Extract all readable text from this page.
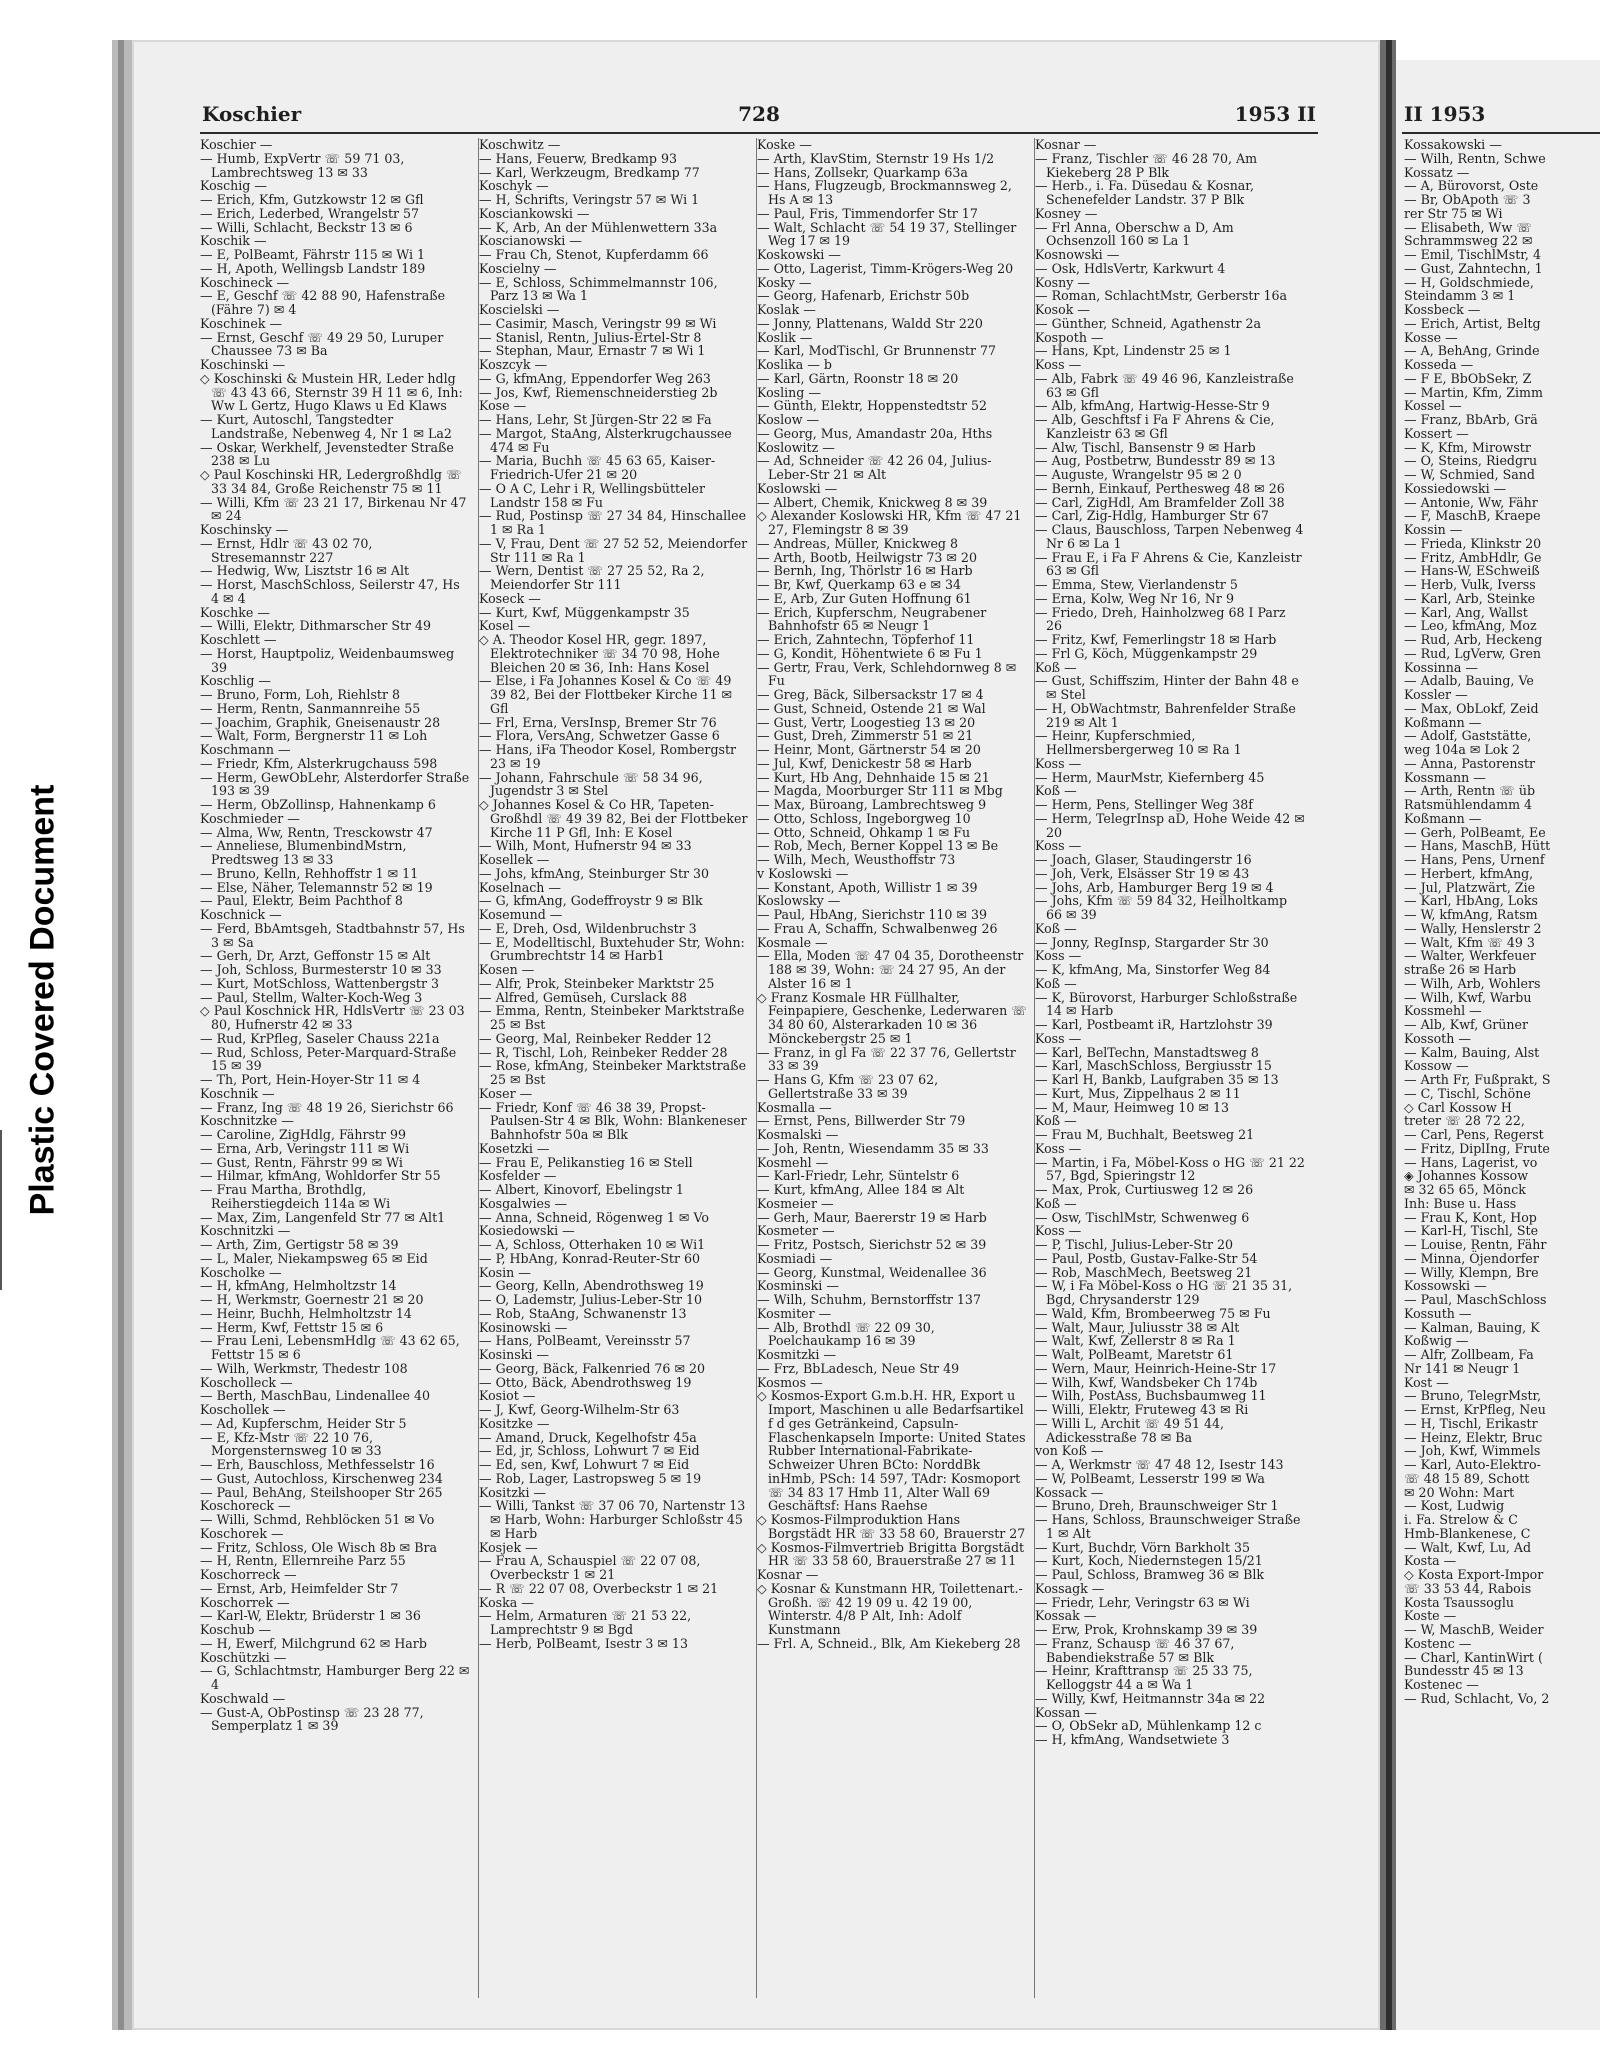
Plastic Covered Document
Koschier	728	1953 II
Koschier —
— Humb, ExpVertr ☏ 59 71 03, Lambrechtsweg 13 ✉ 33
Koschig —
— Erich, Kfm, Gutzkowstr 12 ✉ Gfl
— Erich, Lederbed, Wrangelstr 57
— Willi, Schlacht, Beckstr 13 ✉ 6
Koschik —
— E, PolBeamt, Fährstr 115 ✉ Wi 1
— H, Apoth, Wellingsb Landstr 189
Koschineck —
— E, Geschf ☏ 42 88 90, Hafenstraße (Fähre 7) ✉ 4
Koschinek —
— Ernst, Geschf ☏ 49 29 50, Luruper Chaussee 73 ✉ Ba
Koschinski —
◇ Koschinski & Mustein HR, Leder hdlg ☏ 43 43 66, Sternstr 39 H 11 ✉ 6, Inh: Ww L Gertz, Hugo Klaws u Ed Klaws
— Kurt, Autoschl, Tangstedter Landstraße, Nebenweg 4, Nr 1 ✉ La2
— Oskar, Werkhelf, Jevenstedter Straße 238 ✉ Lu
◇ Paul Koschinski HR, Ledergroßhdlg ☏ 33 34 84, Große Reichenstr 75 ✉ 11
— Willi, Kfm ☏ 23 21 17, Birkenau Nr 47 ✉ 24
Koschinsky —
— Ernst, Hdlr ☏ 43 02 70, Stresemannstr 227
— Hedwig, Ww, Lisztstr 16 ✉ Alt
— Horst, MaschSchloss, Seilerstr 47, Hs 4 ✉ 4
Koschke —
— Willi, Elektr, Dithmarscher Str 49
Koschlett —
— Horst, Hauptpoliz, Weidenbaumsweg 39
Koschlig —
— Bruno, Form, Loh, Riehlstr 8
— Herm, Rentn, Sanmannreihe 55
— Joachim, Graphik, Gneisenaustr 28
— Walt, Form, Bergnerstr 11 ✉ Loh
Koschmann —
— Friedr, Kfm, Alsterkrugchauss 598
— Herm, GewObLehr, Alsterdorfer Straße 193 ✉ 39
— Herm, ObZollinsp, Hahnenkamp 6
Koschmieder —
— Alma, Ww, Rentn, Tresckowstr 47
— Anneliese, BlumenbindMstrn, Predtsweg 13 ✉ 33
— Bruno, Kelln, Rehhoffstr 1 ✉ 11
— Else, Näher, Telemannstr 52 ✉ 19
— Paul, Elektr, Beim Pachthof 8
Koschnick —
— Ferd, BbAmtsgeh, Stadtbahnstr 57, Hs 3 ✉ Sa
— Gerh, Dr, Arzt, Geffonstr 15 ✉ Alt
— Joh, Schloss, Burmesterstr 10 ✉ 33
— Kurt, MotSchloss, Wattenbergstr 3
— Paul, Stellm, Walter-Koch-Weg 3
◇ Paul Koschnick HR, HdlsVertr ☏ 23 03 80, Hufnerstr 42 ✉ 33
— Rud, KrPfleg, Saseler Chauss 221a
— Rud, Schloss, Peter-Marquard-Straße 15 ✉ 39
— Th, Port, Hein-Hoyer-Str 11 ✉ 4
Koschnik —
— Franz, Ing ☏ 48 19 26, Sierichstr 66
Koschnitzke —
— Caroline, ZigHdlg, Fährstr 99
— Erna, Arb, Veringstr 111 ✉ Wi
— Gust, Rentn, Fährstr 99 ✉ Wi
— Hilmar, kfmAng, Wohldorfer Str 55
— Frau Martha, Brothdlg, Reiherstiegdeich 114a ✉ Wi
— Max, Zim, Langenfeld Str 77 ✉ Alt1
Koschnitzki —
— Arth, Zim, Gertigstr 58 ✉ 39
— L, Maler, Niekampsweg 65 ✉ Eid
Koscholke —
— H, kfmAng, Helmholtzstr 14
— H, Werkmstr, Goernestr 21 ✉ 20
— Heinr, Buchh, Helmholtzstr 14
— Herm, Kwf, Fettstr 15 ✉ 6
— Frau Leni, LebensmHdlg ☏ 43 62 65, Fettstr 15 ✉ 6
— Wilh, Werkmstr, Thedestr 108
Koscholleck —
— Berth, MaschBau, Lindenallee 40
Koschollek —
— Ad, Kupferschm, Heider Str 5
— E, Kfz-Mstr ☏ 22 10 76, Morgensternsweg 10 ✉ 33
— Erh, Bauschloss, Methfesselstr 16
— Gust, Autochloss, Kirschenweg 234
— Paul, BehAng, Steilshooper Str 265
Koschoreck —
— Willi, Schmd, Rehblöcken 51 ✉ Vo
Koschorek —
— Fritz, Schloss, Ole Wisch 8b ✉ Bra
— H, Rentn, Ellernreihe Parz 55
Koschorreck —
— Ernst, Arb, Heimfelder Str 7
Koschorrek —
— Karl-W, Elektr, Brüderstr 1 ✉ 36
Koschub —
— H, Ewerf, Milchgrund 62 ✉ Harb
Koschützki —
— G, Schlachtmstr, Hamburger Berg 22 ✉ 4
Koschwald —
— Gust-A, ObPostinsp ☏ 23 28 77, Semperplatz 1 ✉ 39
Koschwitz —
— Hans, Feuerw, Bredkamp 93
— Karl, Werkzeugm, Bredkamp 77
Koschyk —
— H, Schrifts, Veringstr 57 ✉ Wi 1
Kosciankowski —
— K, Arb, An der Mühlenwettern 33a
Koscianowski —
— Frau Ch, Stenot, Kupferdamm 66
Koscielny —
— E, Schloss, Schimmelmannstr 106, Parz 13 ✉ Wa 1
Koscielski —
— Casimir, Masch, Veringstr 99 ✉ Wi
— Stanisl, Rentn, Julius-Ertel-Str 8
— Stephan, Maur, Ernastr 7 ✉ Wi 1
Koszcyk —
— G, kfmAng, Eppendorfer Weg 263
— Jos, Kwf, Riemenschneiderstieg 2b
Kose —
— Hans, Lehr, St Jürgen-Str 22 ✉ Fa
— Margot, StaAng, Alsterkrugchaussee 474 ✉ Fu
— Maria, Buchh ☏ 45 63 65, Kaiser-Friedrich-Ufer 21 ✉ 20
— O A C, Lehr i R, Wellingsbütteler Landstr 158 ✉ Fu
— Rud, Postinsp ☏ 27 34 84, Hinschallee 1 ✉ Ra 1
— V, Frau, Dent ☏ 27 52 52, Meiendorfer Str 111 ✉ Ra 1
— Wern, Dentist ☏ 27 25 52, Ra 2, Meiendorfer Str 111
Koseck —
— Kurt, Kwf, Müggenkampstr 35
Kosel —
◇ A. Theodor Kosel HR, gegr. 1897, Elektrotechniker ☏ 34 70 98, Hohe Bleichen 20 ✉ 36, Inh: Hans Kosel
— Else, i Fa Johannes Kosel & Co ☏ 49 39 82, Bei der Flottbeker Kirche 11 ✉ Gfl
— Frl, Erna, VersInsp, Bremer Str 76
— Flora, VersAng, Schwetzer Gasse 6
— Hans, iFa Theodor Kosel, Rombergstr 23 ✉ 19
— Johann, Fahrschule ☏ 58 34 96, Jugendstr 3 ✉ Stel
◇ Johannes Kosel & Co HR, Tapeten-Großhdl ☏ 49 39 82, Bei der Flottbeker Kirche 11 P Gfl, Inh: E Kosel
— Wilh, Mont, Hufnerstr 94 ✉ 33
Kosellek —
— Johs, kfmAng, Steinburger Str 30
Koselnach —
— G, kfmAng, Godeffroystr 9 ✉ Blk
Kosemund —
— E, Dreh, Osd, Wildenbruchstr 3
— E, Modelltischl, Buxtehuder Str, Wohn: Grumbrechtstr 14 ✉ Harb1
Kosen —
— Alfr, Prok, Steinbeker Marktstr 25
— Alfred, Gemüseh, Curslack 88
— Emma, Rentn, Steinbeker Marktstraße 25 ✉ Bst
— Georg, Mal, Reinbeker Redder 12
— R, Tischl, Loh, Reinbeker Redder 28
— Rose, kfmAng, Steinbeker Marktstraße 25 ✉ Bst
Koser —
— Friedr, Konf ☏ 46 38 39, Propst-Paulsen-Str 4 ✉ Blk, Wohn: Blankeneser Bahnhofstr 50a ✉ Blk
Kosetzki —
— Frau E, Pelikanstieg 16 ✉ Stell
Kosfelder —
— Albert, Kinovorf, Ebelingstr 1
Kosgalwies —
— Anna, Schneid, Rögenweg 1 ✉ Vo
Kosiedowski —
— A, Schloss, Otterhaken 10 ✉ Wi1
— P, HbAng, Konrad-Reuter-Str 60
Kosin —
— Georg, Kelln, Abendrothsweg 19
— O, Lademstr, Julius-Leber-Str 10
— Rob, StaAng, Schwanenstr 13
Kosinowski —
— Hans, PolBeamt, Vereinsstr 57
Kosinski —
— Georg, Bäck, Falkenried 76 ✉ 20
— Otto, Bäck, Abendrothsweg 19
Kosiot —
— J, Kwf, Georg-Wilhelm-Str 63
Kositzke —
— Amand, Druck, Kegelhofstr 45a
— Ed, jr, Schloss, Lohwurt 7 ✉ Eid
— Ed, sen, Kwf, Lohwurt 7 ✉ Eid
— Rob, Lager, Lastropsweg 5 ✉ 19
Kositzki —
— Willi, Tankst ☏ 37 06 70, Nartenstr 13 ✉ Harb, Wohn: Harburger Schloßstr 45 ✉ Harb
Kosjek —
— Frau A, Schauspiel ☏ 22 07 08, Overbeckstr 1 ✉ 21
— R ☏ 22 07 08, Overbeckstr 1 ✉ 21
Koska —
— Helm, Armaturen ☏ 21 53 22, Lamprechtstr 9 ✉ Bgd
— Herb, PolBeamt, Isestr 3 ✉ 13
Koske —
— Arth, KlavStim, Sternstr 19 Hs 1/2
— Hans, Zollsekr, Quarkamp 63a
— Hans, Flugzeugb, Brockmannsweg 2, Hs A ✉ 13
— Paul, Fris, Timmendorfer Str 17
— Walt, Schlacht ☏ 54 19 37, Stellinger Weg 17 ✉ 19
Koskowski —
— Otto, Lagerist, Timm-Krögers-Weg 20
Kosky —
— Georg, Hafenarb, Erichstr 50b
Koslak —
— Jonny, Plattenans, Waldd Str 220
Koslik —
— Karl, ModTischl, Gr Brunnenstr 77
Koslika — b
— Karl, Gärtn, Roonstr 18 ✉ 20
Kosling —
— Günth, Elektr, Hoppenstedtstr 52
Koslow —
— Georg, Mus, Amandastr 20a, Hths
Koslowitz —
— Ad, Schneider ☏ 42 26 04, Julius-Leber-Str 21 ✉ Alt
Koslowski —
— Albert, Chemik, Knickweg 8 ✉ 39
◇ Alexander Koslowski HR, Kfm ☏ 47 21 27, Flemingstr 8 ✉ 39
— Andreas, Müller, Knickweg 8
— Arth, Bootb, Heilwigstr 73 ✉ 20
— Bernh, Ing, Thörlstr 16 ✉ Harb
— Br, Kwf, Querkamp 63 e ✉ 34
— E, Arb, Zur Guten Hoffnung 61
— Erich, Kupferschm, Neugrabener Bahnhofstr 65 ✉ Neugr 1
— Erich, Zahntechn, Töpferhof 11
— G, Kondit, Höhentwiete 6 ✉ Fu 1
— Gertr, Frau, Verk, Schlehdornweg 8 ✉ Fu
— Greg, Bäck, Silbersackstr 17 ✉ 4
— Gust, Schneid, Ostende 21 ✉ Wal
— Gust, Vertr, Loogestieg 13 ✉ 20
— Gust, Dreh, Zimmerstr 51 ✉ 21
— Heinr, Mont, Gärtnerstr 54 ✉ 20
— Jul, Kwf, Denickestr 58 ✉ Harb
— Kurt, Hb Ang, Dehnhaide 15 ✉ 21
— Magda, Moorburger Str 111 ✉ Mbg
— Max, Büroang, Lambrechtsweg 9
— Otto, Schloss, Ingeborgweg 10
— Otto, Schneid, Ohkamp 1 ✉ Fu
— Rob, Mech, Berner Koppel 13 ✉ Be
— Wilh, Mech, Weusthoffstr 73
v Koslowski —
— Konstant, Apoth, Willistr 1 ✉ 39
Koslowsky —
— Paul, HbAng, Sierichstr 110 ✉ 39
— Frau A, Schaffn, Schwalbenweg 26
Kosmale —
— Ella, Moden ☏ 47 04 35, Dorotheenstr 188 ✉ 39, Wohn: ☏ 24 27 95, An der Alster 16 ✉ 1
◇ Franz Kosmale HR Füllhalter, Feinpapiere, Geschenke, Lederwaren ☏ 34 80 60, Alsterarkaden 10 ✉ 36 Mönckebergstr 25 ✉ 1
— Franz, in gl Fa ☏ 22 37 76, Gellertstr 33 ✉ 39
— Hans G, Kfm ☏ 23 07 62, Gellertstraße 33 ✉ 39
Kosmalla —
— Ernst, Pens, Billwerder Str 79
Kosmalski —
— Joh, Rentn, Wiesendamm 35 ✉ 33
Kosmehl —
— Karl-Friedr, Lehr, Süntelstr 6
— Kurt, kfmAng, Allee 184 ✉ Alt
Kosmeier —
— Gerh, Maur, Baererstr 19 ✉ Harb
Kosmeter —
— Fritz, Postsch, Sierichstr 52 ✉ 39
Kosmiadi —
— Georg, Kunstmal, Weidenallee 36
Kosminski —
— Wilh, Schuhm, Bernstorffstr 137
Kosmiter —
— Alb, Brothdl ☏ 22 09 30, Poelchaukamp 16 ✉ 39
Kosmitzki —
— Frz, BbLadesch, Neue Str 49
Kosmos —
◇ Kosmos-Export G.m.b.H. HR, Export u Import, Maschinen u alle Bedarfsartikel f d ges Getränkeind, Capsuln-Flaschenkapseln Importe: United States Rubber International-Fabrikate-Schweizer Uhren BCto: NorddBk inHmb, PSch: 14 597, TAdr: Kosmoport ☏ 34 83 17 Hmb 11, Alter Wall 69 Geschäftsf: Hans Raehse
◇ Kosmos-Filmproduktion Hans Borgstädt HR ☏ 33 58 60, Brauerstr 27
◇ Kosmos-Filmvertrieb Brigitta Borgstädt HR ☏ 33 58 60, Brauerstraße 27 ✉ 11
Kosnar —
◇ Kosnar & Kunstmann HR, Toilettenart.-Großh. ☏ 42 19 09 u. 42 19 00, Winterstr. 4/8 P Alt, Inh: Adolf Kunstmann
— Frl. A, Schneid., Blk, Am Kiekeberg 28
Kosnar —
— Franz, Tischler ☏ 46 28 70, Am Kiekeberg 28 P Blk
— Herb., i. Fa. Düsedau & Kosnar, Schenefelder Landstr. 37 P Blk
Kosney —
— Frl Anna, Oberschw a D, Am Ochsenzoll 160 ✉ La 1
Kosnowski —
— Osk, HdlsVertr, Karkwurt 4
Kosny —
— Roman, SchlachtMstr, Gerberstr 16a
Kosok —
— Günther, Schneid, Agathenstr 2a
Kospoth —
— Hans, Kpt, Lindenstr 25 ✉ 1
Koss —
— Alb, Fabrk ☏ 49 46 96, Kanzleistraße 63 ✉ Gfl
— Alb, kfmAng, Hartwig-Hesse-Str 9
— Alb, Geschftsf i Fa F Ahrens & Cie, Kanzleistr 63 ✉ Gfl
— Alw, Tischl, Bansenstr 9 ✉ Harb
— Aug, Postbetrw, Bundesstr 89 ✉ 13
— Auguste, Wrangelstr 95 ✉ 2 0
— Bernh, Einkauf, Perthesweg 48 ✉ 26
— Carl, ZigHdl, Am Bramfelder Zoll 38
— Carl, Zig-Hdlg, Hamburger Str 67
— Claus, Bauschloss, Tarpen Nebenweg 4 Nr 6 ✉ La 1
— Frau E, i Fa F Ahrens & Cie, Kanzleistr 63 ✉ Gfl
— Emma, Stew, Vierlandenstr 5
— Erna, Kolw, Weg Nr 16, Nr 9
— Friedo, Dreh, Hainholzweg 68 I Parz 26
— Fritz, Kwf, Femerlingstr 18 ✉ Harb
— Frl G, Köch, Müggenkampstr 29
Koß —
— Gust, Schiffszim, Hinter der Bahn 48 e ✉ Stel
— H, ObWachtmstr, Bahrenfelder Straße 219 ✉ Alt 1
— Heinr, Kupferschmied, Hellmersbergerweg 10 ✉ Ra 1
Koss —
— Herm, MaurMstr, Kiefernberg 45
Koß —
— Herm, Pens, Stellinger Weg 38f
— Herm, TelegrInsp aD, Hohe Weide 42 ✉ 20
Koss —
— Joach, Glaser, Staudingerstr 16
— Joh, Verk, Elsässer Str 19 ✉ 43
— Johs, Arb, Hamburger Berg 19 ✉ 4
— Johs, Kfm ☏ 59 84 32, Heilholtkamp 66 ✉ 39
Koß —
— Jonny, RegInsp, Stargarder Str 30
Koss —
— K, kfmAng, Ma, Sinstorfer Weg 84
Koß —
— K, Bürovorst, Harburger Schloßstraße 14 ✉ Harb
— Karl, Postbeamt iR, Hartzlohstr 39
Koss —
— Karl, BelTechn, Manstadtsweg 8
— Karl, MaschSchloss, Bergiusstr 15
— Karl H, Bankb, Laufgraben 35 ✉ 13
— Kurt, Mus, Zippelhaus 2 ✉ 11
— M, Maur, Heimweg 10 ✉ 13
Koß —
— Frau M, Buchhalt, Beetsweg 21
Koss —
— Martin, i Fa, Möbel-Koss o HG ☏ 21 22 57, Bgd, Spieringstr 12
— Max, Prok, Curtiusweg 12 ✉ 26
Koß —
— Osw, TischlMstr, Schwenweg 6
Koss —
— P, Tischl, Julius-Leber-Str 20
— Paul, Postb, Gustav-Falke-Str 54
— Rob, MaschMech, Beetsweg 21
— W, i Fa Möbel-Koss o HG ☏ 21 35 31, Bgd, Chrysanderstr 129
— Wald, Kfm, Brombeerweg 75 ✉ Fu
— Walt, Maur, Juliusstr 38 ✉ Alt
— Walt, Kwf, Zellerstr 8 ✉ Ra 1
— Walt, PolBeamt, Maretstr 61
— Wern, Maur, Heinrich-Heine-Str 17
— Wilh, Kwf, Wandsbeker Ch 174b
— Wilh, PostAss, Buchsbaumweg 11
— Willi, Elektr, Fruteweg 43 ✉ Ri
— Willi L, Archit ☏ 49 51 44, Adickesstraße 78 ✉ Ba
von Koß —
— A, Werkmstr ☏ 47 48 12, Isestr 143
— W, PolBeamt, Lesserstr 199 ✉ Wa
Kossack —
— Bruno, Dreh, Braunschweiger Str 1
— Hans, Schloss, Braunschweiger Straße 1 ✉ Alt
— Kurt, Buchdr, Vörn Barkholt 35
— Kurt, Koch, Niedernstegen 15/21
— Paul, Schloss, Bramweg 36 ✉ Blk
Kossagk —
— Friedr, Lehr, Veringstr 63 ✉ Wi
Kossak —
— Erw, Prok, Krohnskamp 39 ✉ 39
— Franz, Schausp ☏ 46 37 67, Babendiekstraße 57 ✉ Blk
— Heinr, Krafttransp ☏ 25 33 75, Kelloggstr 44 a ✉ Wa 1
— Willy, Kwf, Heitmannstr 34a ✉ 22
Kossan —
— O, ObSekr aD, Mühlenkamp 12 c
— H, kfmAng, Wandsetwiete 3
II 1953
Kossakowski —
— Wilh, Rentn, Schwe
Kossatz —
— A, Bürovorst, Oste
— Br, ObApoth ☏ 3
rer Str 75 ✉ Wi
— Elisabeth, Ww ☏
Schrammsweg 22 ✉
— Emil, TischlMstr, 4
— Gust, Zahntechn, 1
— H, Goldschmiede,
Steindamm 3 ✉ 1
Kossbeck —
— Erich, Artist, Beltg
Kosse —
— A, BehAng, Grinde
Kosseda —
— F E, BbObSekr, Z
— Martin, Kfm, Zimm
Kossel —
— Franz, BbArb, Grä
Kossert —
— K, Kfm, Mirowstr
— O, Steins, Riedgru
— W, Schmied, Sand
Kossiedowski —
— Antonie, Ww, Fähr
— F, MaschB, Kraepe
Kossin —
— Frieda, Klinkstr 20
— Fritz, AmbHdlr, Ge
— Hans-W, ESchweiß
— Herb, Vulk, Iverss
— Karl, Arb, Steinke
— Karl, Ang, Wallst
— Leo, kfmAng, Moz
— Rud, Arb, Heckeng
— Rud, LgVerw, Gren
Kossinna —
— Adalb, Bauing, Ve
Kossler —
— Max, ObLokf, Zeid
Koßmann —
— Adolf, Gaststätte,
weg 104a ✉ Lok 2
— Anna, Pastorenstr
Kossmann —
— Arth, Rentn ☏ üb
Ratsmühlendamm 4
Koßmann —
— Gerh, PolBeamt, Ee
— Hans, MaschB, Hütt
— Hans, Pens, Urnenf
— Herbert, kfmAng,
— Jul, Platzwärt, Zie
— Karl, HbAng, Loks
— W, kfmAng, Ratsm
— Wally, Henslerstr 2
— Walt, Kfm ☏ 49 3
— Walter, Werkfeuer
straße 26 ✉ Harb
— Wilh, Arb, Wohlers
— Wilh, Kwf, Warbu
Kossmehl —
— Alb, Kwf, Grüner
Kossoth —
— Kalm, Bauing, Alst
Kossow —
— Arth Fr, Fußprakt, S
— C, Tischl, Schöne
◇ Carl Kossow H
treter ☏ 28 72 22,
— Carl, Pens, Regerst
— Fritz, DiplIng, Frute
— Hans, Lagerist, vo
◈ Johannes Kossow
✉ 32 65 65, Mönck
Inh: Buse u. Hass
— Frau K, Kont, Hop
— Karl-H, Tischl, Ste
— Louise, Rentn, Fähr
— Minna, Öjendorfer
— Willy, Klempn, Bre
Kossowski —
— Paul, MaschSchloss
Kossuth —
— Kalman, Bauing, K
Koßwig —
— Alfr, Zollbeam, Fa
Nr 141 ✉ Neugr 1
Kost —
— Bruno, TelegrMstr,
— Ernst, KrPfleg, Neu
— H, Tischl, Erikastr
— Heinz, Elektr, Bruc
— Joh, Kwf, Wimmels
— Karl, Auto-Elektro-
☏ 48 15 89, Schott
✉ 20 Wohn: Mart
— Kost, Ludwig
i. Fa. Strelow & C
Hmb-Blankenese, C
— Walt, Kwf, Lu, Ad
Kosta —
◇ Kosta Export-Impor
☏ 33 53 44, Rabois
Kosta Tsaussoglu
Koste —
— W, MaschB, Weider
Kostenc —
— Charl, KantinWirt (
Bundesstr 45 ✉ 13
Kostenec —
— Rud, Schlacht, Vo, 2
